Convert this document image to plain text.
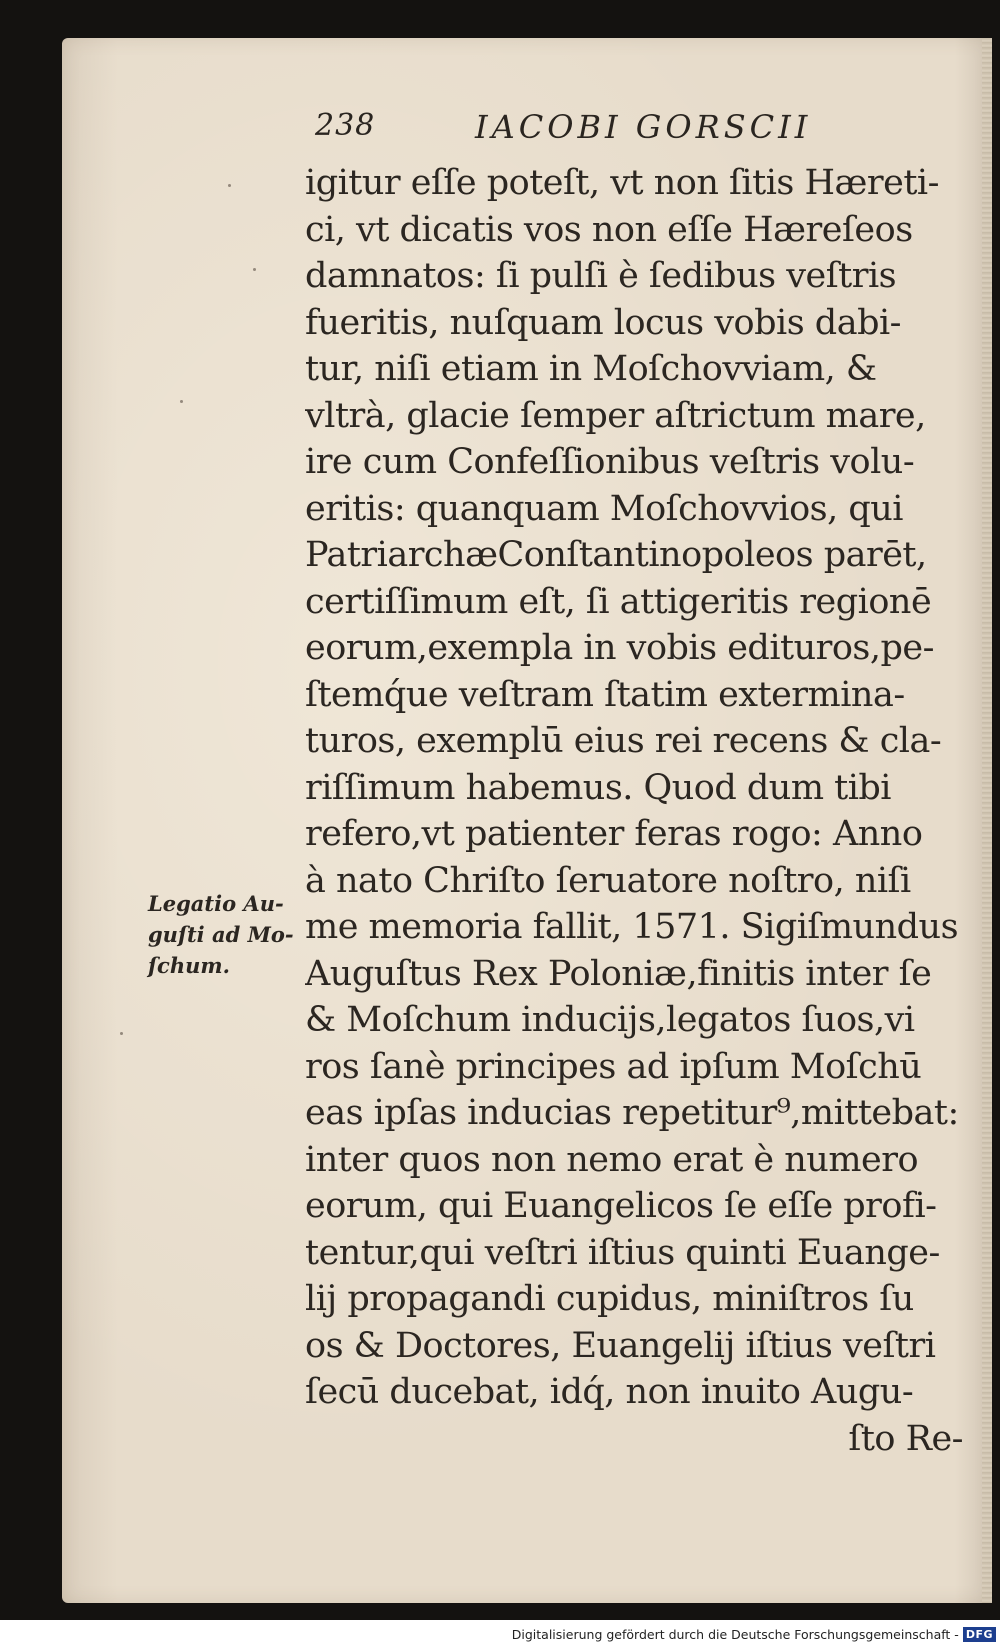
238	IACOBI GORSCII
igitur eſſe poteſt, vt non ſitis Hæreti-
ci, vt dicatis vos non eſſe Hæreſeos
damnatos: ſi pulſi è ſedibus veſtris
fueritis, nuſquam locus vobis dabi-
tur, niſi etiam in Moſchovviam, &
vltrà, glacie ſemper aſtrictum mare,
ire cum Confeſſionibus veſtris volu-
eritis: quanquam Moſchovvios, qui
PatriarchæConſtantinopoleos parēt,
certiſſimum eſt, ſi attigeritis regionē
eorum,exempla in vobis edituros,pe-
ſtemq́ue veſtram ſtatim extermina-
turos, exemplū eius rei recens & cla-
riſſimum habemus. Quod dum tibi
refero,vt patienter feras rogo: Anno
à nato Chriſto ſeruatore noſtro, niſi
me memoria fallit, 1571. Sigiſmundus
Auguſtus Rex Poloniæ,finitis inter ſe
& Moſchum inducijs,legatos ſuos,vi
ros ſanè principes ad ipſum Moſchū
eas ipſas inducias repetitur⁹,mittebat:
inter quos non nemo erat è numero
eorum, qui Euangelicos ſe eſſe profi-
tentur,qui veſtri iſtius quinti Euange-
lij propagandi cupidus, miniſtros ſu
os & Doctores, Euangelij iſtius veſtri
ſecū ducebat, idq́, non inuito Augu-
ſto Re-
Legatio Au-
guſti ad Mo-
ſchum.
Digitalisierung gefördert durch die Deutsche Forschungsgemeinschaft - DFG
